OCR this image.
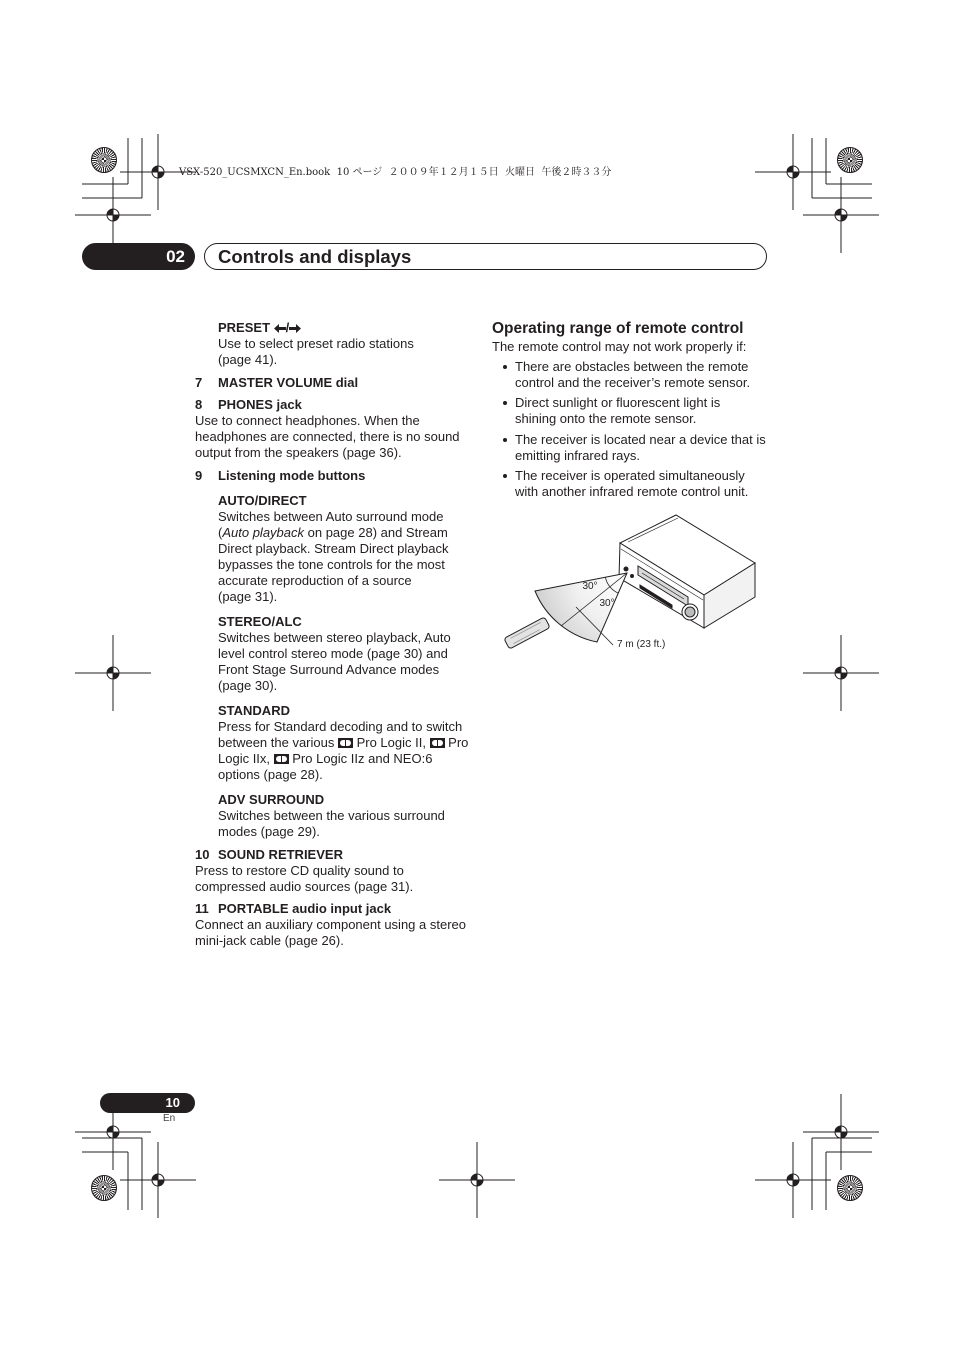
VSX-520_UCSMXCN_En.book  10 ページ  ２００９年１２月１５日  火曜日  午後２時３３分
02	Controls and displays
PRESET /
Use to select preset radio stations
(page 41).
7 MASTER VOLUME dial
8 PHONES jack
Use to connect headphones. When the
headphones are connected, there is no sound
output from the speakers (page 36).
9 Listening mode buttons
AUTO/DIRECT
Switches between Auto surround mode
(Auto playback on page 28) and Stream
Direct playback. Stream Direct playback
bypasses the tone controls for the most
accurate reproduction of a source
(page 31).
STEREO/ALC
Switches between stereo playback, Auto
level control stereo mode (page 30) and
Front Stage Surround Advance modes
(page 30).
STANDARD
Press for Standard decoding and to switch
between the various  Pro Logic II,  Pro
Logic IIx,  Pro Logic IIz and NEO:6
options (page 28).
ADV SURROUND
Switches between the various surround
modes (page 29).
10 SOUND RETRIEVER
Press to restore CD quality sound to
compressed audio sources (page 31).
11 PORTABLE audio input jack
Connect an auxiliary component using a stereo
mini-jack cable (page 26).
Operating range of remote control
The remote control may not work properly if:
There are obstacles between the remote
control and the receiver’s remote sensor.
Direct sunlight or fluorescent light is
shining onto the remote sensor.
The receiver is located near a device that is
emitting infrared rays.
The receiver is operated simultaneously
with another infrared remote control unit.
30°
30°
7 m (23 ft.)
10
En
